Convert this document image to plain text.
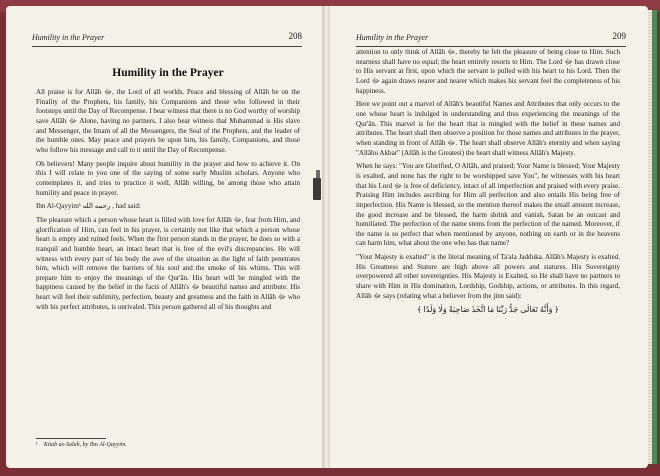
Humility in the Prayer	208
Humility in the Prayer

All praise is for Allāh ﷻ, the Lord of all worlds. Peace and blessing of Allāh be on the Finality of the Prophets, his family, his Companions and those who followed in their footsteps until the Day of Recompense. I bear witness that there is no God worthy of worship save Allāh ﷻ Alone, having no partners. I also bear witness that Muhammad is His slave and Messenger, the Imam of all the Messengers, the Seal of the Prophets, and the leader of the humble ones. May peace and prayers be upon him, his family, Companions, and those who follow his message and call to it until the Day of Recompense.

Oh believers! Many people inquire about humility in the prayer and how to achieve it. On this I will relate to you one of the saying of some early Muslim scholars. Anyone who contemplates it, and tries to practice it well, Allāh willing, be among those who attain humility and peace in prayer.

Ibn Al-Qayyim¹ رحمه الله , had said:

The pleasure which a person whose heart is filled with love for Allāh ﷻ, fear from Him, and glorification of Him, can feel in his prayer, is certainly not like that which a person whose heart is empty and ruined feels. When the first person stands in the prayer, he does so with a tranquil and humble heart, an intact heart that is free of the evil's discrepancies. He will witness with every part of his body the awe of the situation as the light of faith penetrates him, which will remove the barriers of his soul and the smoke of his whims. This will prepare him to enjoy the meanings of the Qur'ān. His heart will be mingled with the happiness caused by the belief in the facts of Allāh's ﷻ beautiful names and attribute. His heart will feel their sublimity, perfection, beauty and greatness and the faith in Allāh ﷻ who with his perfect attributes, is unrivaled. This person gathered all of his thoughts and

¹ Kitab us-Salah, by Ibn Al-Qayyim.
Humility in the Prayer	209

attention to only think of Allāh ﷻ, thereby he felt the pleasure of being close to Him. Such nearness shall have no equal; the heart entirely resorts to Him. The Lord ﷻ has drawn close to His servant at first, upon which the servant is pulled with his heart to his Lord. Then the Lord ﷻ again draws nearer and nearer which makes his servant feel the completeness of his happiness.

Here we point out a marvel of Allāh's beautiful Names and Attributes that only occurs to the one whose heart is indulged in understanding and thus experiencing the meanings of the Qur'ān. This marvel is for the heart that is mingled with the belief in these names and attributes. The heart shall then observe a position for those names and attributes in the prayer, when standing in front of Allāh ﷻ. The heart shall observe Allāh's eternity and when saying "Allāhu Akbar" (Allāh is the Greatest) the heart shall witness Allāh's Majesty.

When he says: "You are Glorified, O Allāh, and praised; Your Name is blessed; Your Majesty is exalted, and none has the right to be worshipped save You", he witnesses with his heart that his Lord ﷻ is free of deficiency, intact of all imperfection and praised with every praise. Praising Him includes ascribing for Him all perfection and also entails His being free of imperfection. His Name is blessed, so the mention thereof makes the small amount increase, the good increase and be blessed, the harm shrink and vanish, Satan be an outcast and humiliated. The perfection of the name stems from the perfection of the named. Moreover, if the name is so perfect that when mentioned by anyone, nothing on earth or in the heavens can harm him, what about the one who has that name?

"Your Majesty is exalted" is the literal meaning of Ta'ala Jadduka. Allāh's Majesty is exalted. His Greatness and Stature are high above all powers and statures. His Sovereignty overpowered all other sovereignties. His Majesty is Exalted, so He shall have no partners to share with Him in His domination, Lordship, Godship, actions, or attributes. In this regard, Allāh ﷻ says (relating what a believer from the jinn said):

﴿ وَأَنَّهُ تَعَالَى جَدُّ رَبِّنَا مَا اتَّخَذَ صَاحِبَةً وَلَا وَلَدًا ﴾
